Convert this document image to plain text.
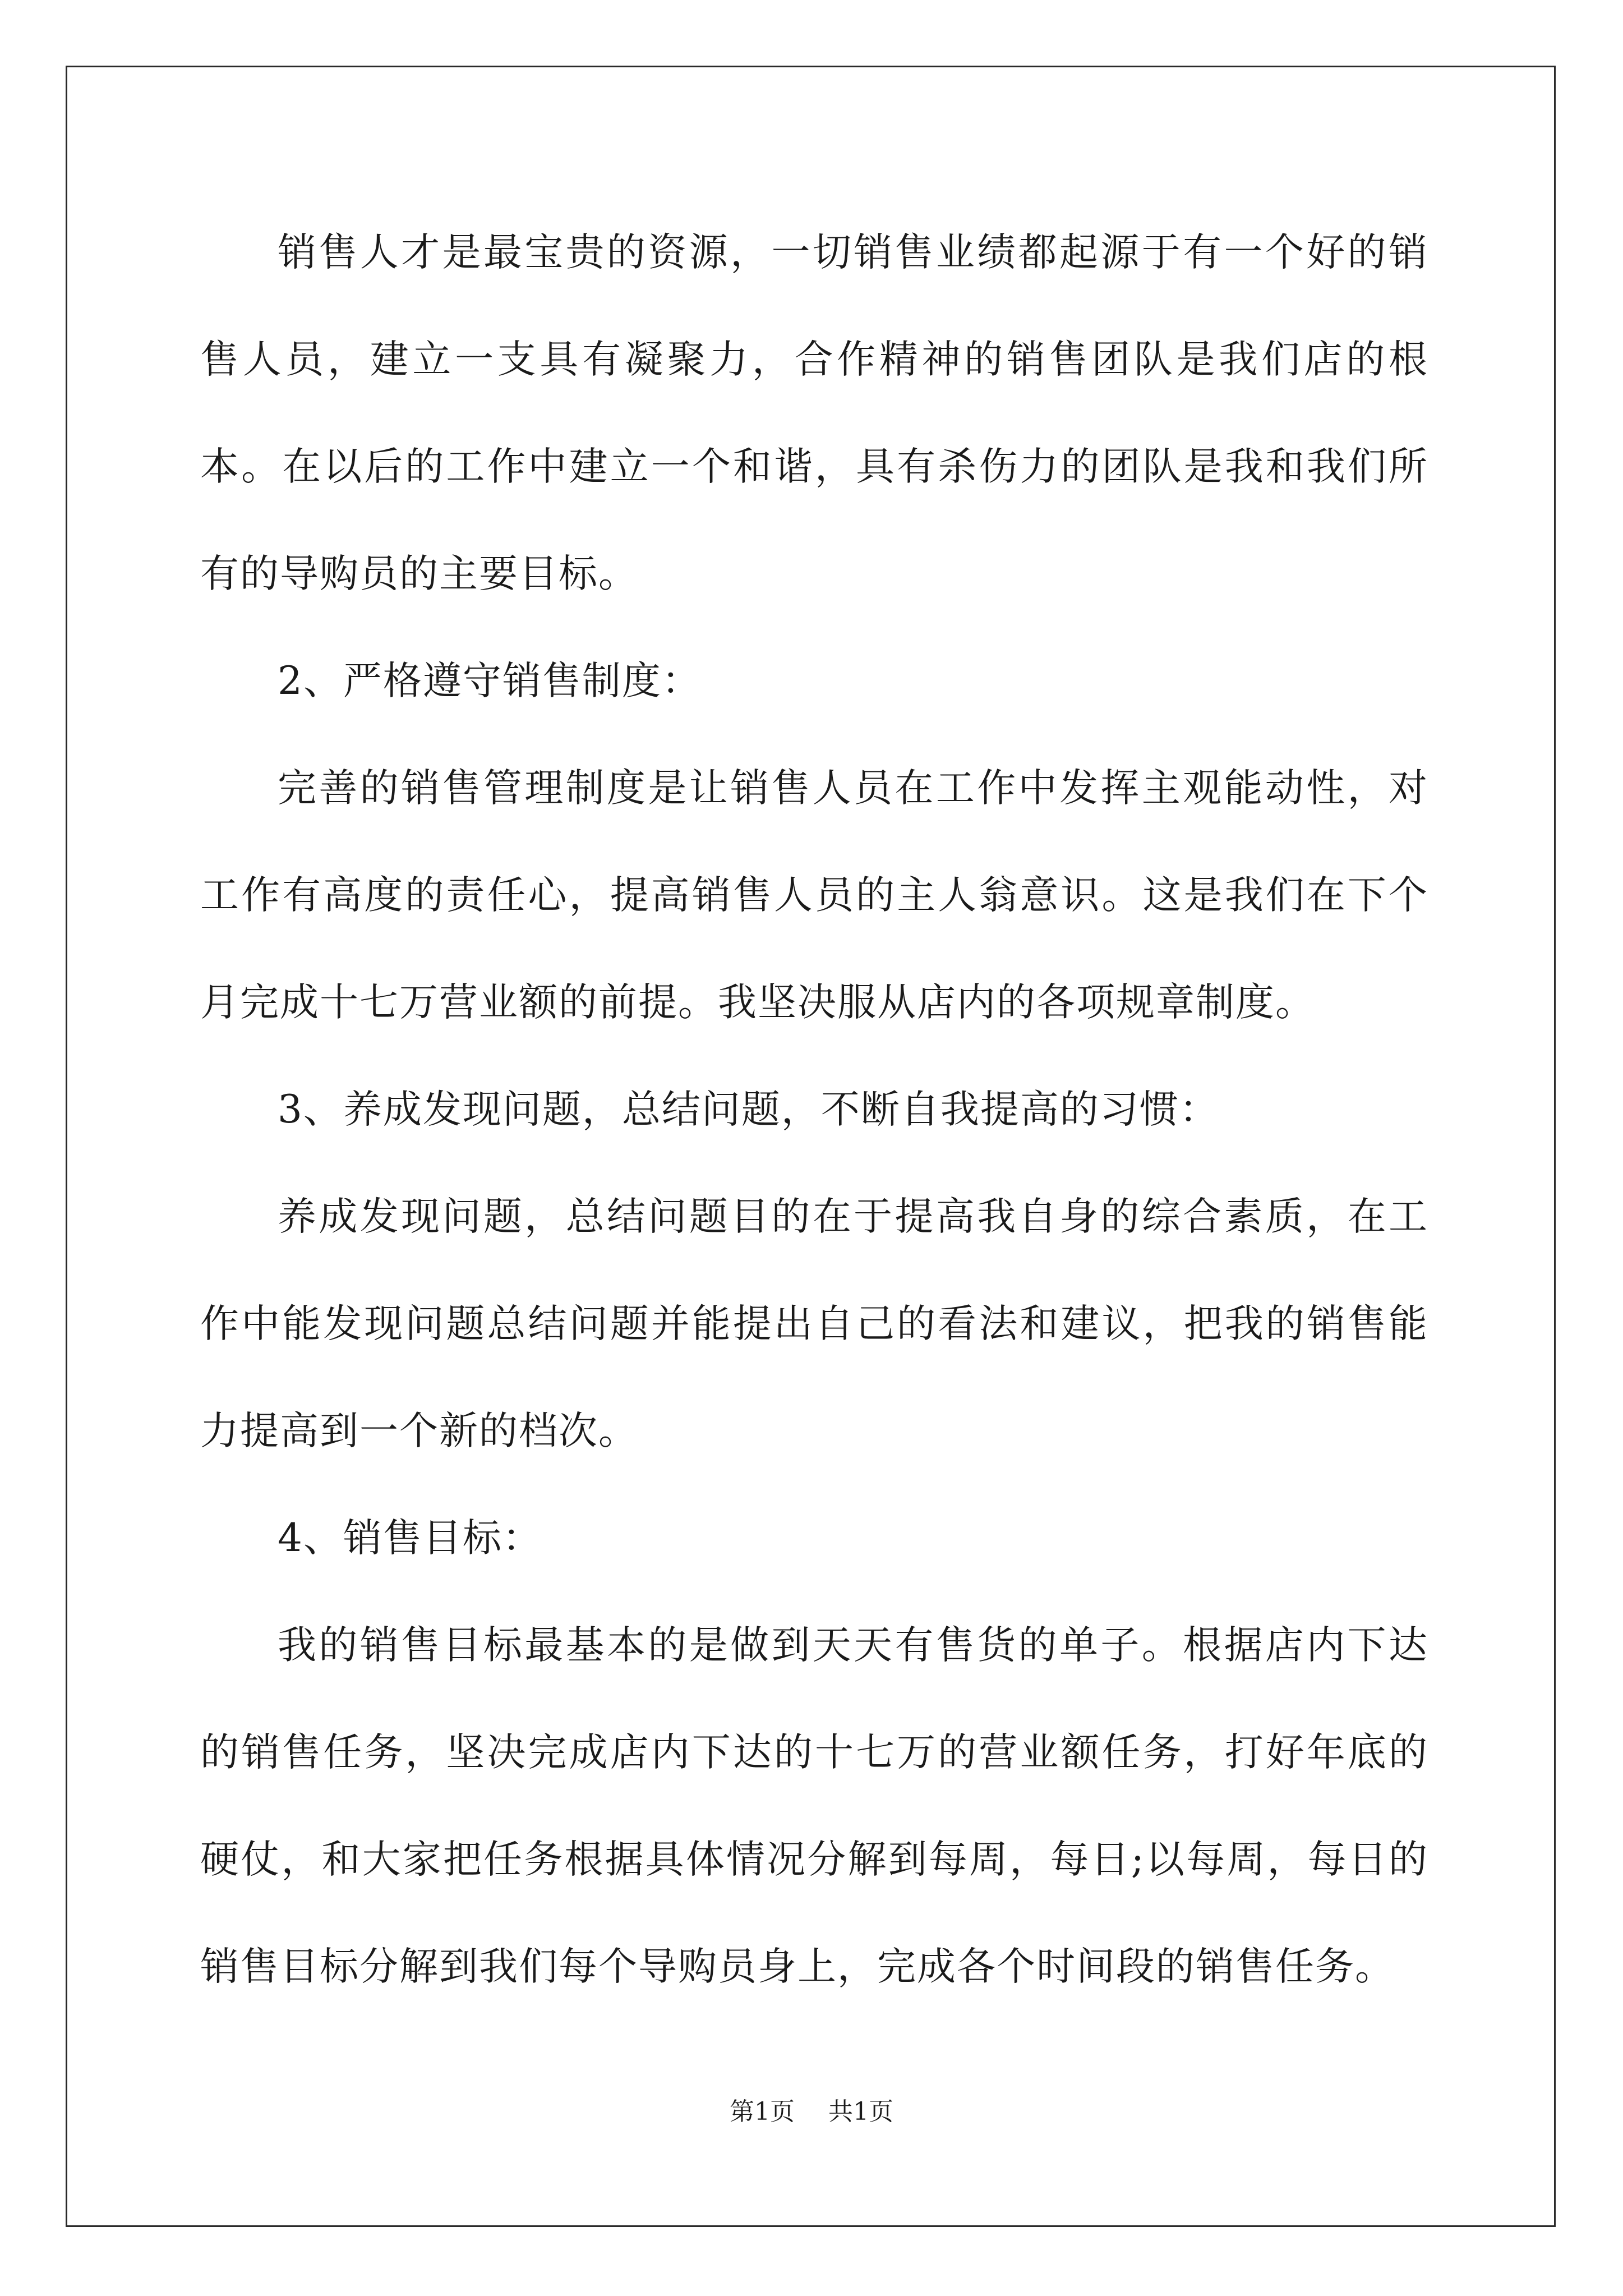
销售人才是最宝贵的资源，一切销售业绩都起源于有一个好的销售人员，建立一支具有凝聚力，合作精神的销售团队是我们店的根本。在以后的工作中建立一个和谐，具有杀伤力的团队是我和我们所有的导购员的主要目标。

2、严格遵守销售制度：

完善的销售管理制度是让销售人员在工作中发挥主观能动性，对工作有高度的责任心，提高销售人员的主人翁意识。这是我们在下个月完成十七万营业额的前提。我坚决服从店内的各项规章制度。

3、养成发现问题，总结问题，不断自我提高的习惯：

养成发现问题，总结问题目的在于提高我自身的综合素质，在工作中能发现问题总结问题并能提出自己的看法和建议，把我的销售能力提高到一个新的档次。

4、销售目标：

我的销售目标最基本的是做到天天有售货的单子。根据店内下达的销售任务，坚决完成店内下达的十七万的营业额任务，打好年底的硬仗，和大家把任务根据具体情况分解到每周，每日;以每周，每日的销售目标分解到我们每个导购员身上，完成各个时间段的销售任务。

第1页 共1页
